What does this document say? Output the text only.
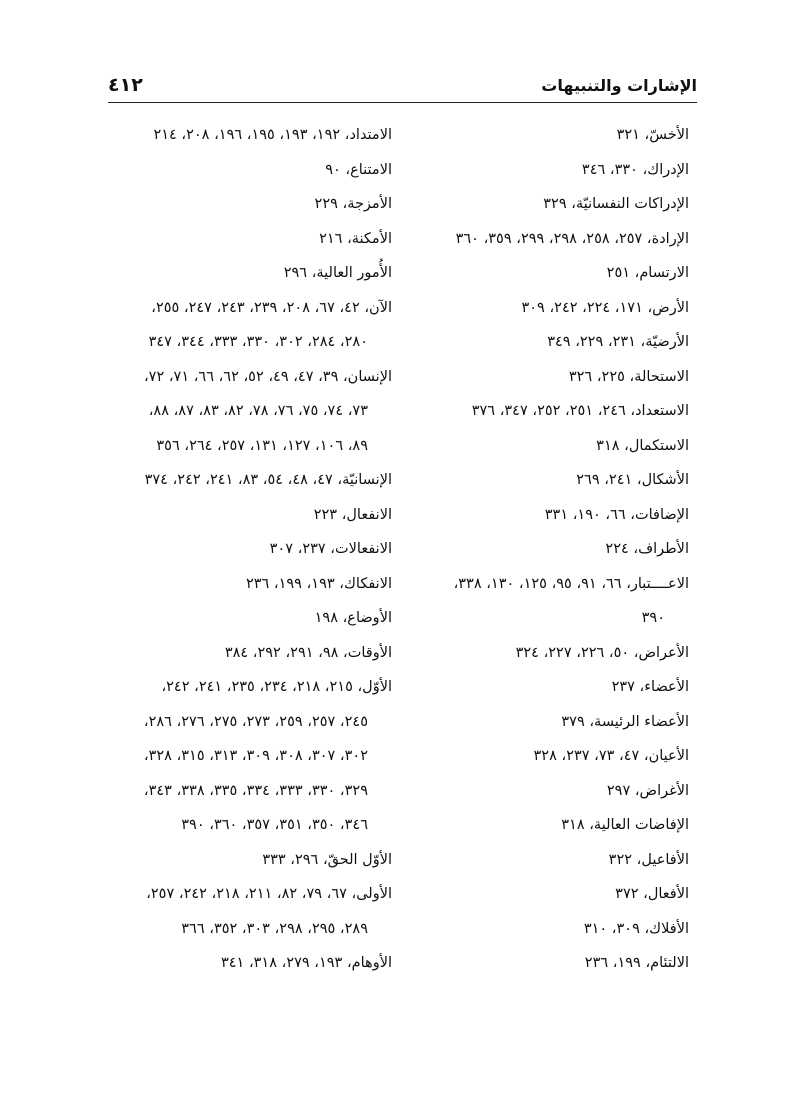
٤١٢	الإشارات والتنبيهات
الأخسّ، ٣٢١
الإدراك، ٣٣٠، ٣٤٦
الإدراكات النفسانيّة، ٣٢٩
الإرادة، ٢٥٧، ٢٥٨، ٢٩٨، ٢٩٩، ٣٥٩، ٣٦٠
الارتسام، ٢٥١
الأرض، ١٧١، ٢٢٤، ٢٤٢، ٣٠٩
الأرضيّة، ٢٣١، ٢٢٩، ٣٤٩
الاستحالة، ٢٢٥، ٣٢٦
الاستعداد، ٢٤٦، ٢٥١، ٢٥٢، ٣٤٧، ٣٧٦
الاستكمال، ٣١٨
الأشكال، ٢٤١، ٢٦٩
الإضافات، ٦٦، ١٩٠، ٣٣١
الأطراف، ٢٢٤
الاعــــتبار، ٦٦، ٩١، ٩٥، ١٢٥، ١٣٠، ٣٣٨،
٣٩٠
الأعراض، ٥٠، ٢٢٦، ٢٢٧، ٣٢٤
الأعضاء، ٢٣٧
الأعضاء الرئيسة، ٣٧٩
الأعيان، ٤٧، ٧٣، ٢٣٧، ٣٢٨
الأغراض، ٢٩٧
الإفاضات العالية، ٣١٨
الأفاعيل، ٣٢٢
الأفعال، ٣٧٢
الأفلاك، ٣٠٩، ٣١٠
الالتئام، ١٩٩، ٢٣٦
الامتداد، ١٩٢، ١٩٣، ١٩٥، ١٩٦، ٢٠٨، ٢١٤
الامتناع، ٩٠
الأمزجة، ٢٢٩
الأمكنة، ٢١٦
الأُمور العالية، ٢٩٦
الآن، ٤٢، ٦٧، ٢٠٨، ٢٣٩، ٢٤٣، ٢٤٧، ٢٥٥،
٢٨٠، ٢٨٤، ٣٠٢، ٣٣٠، ٣٣٣، ٣٤٤، ٣٤٧
الإنسان، ٣٩، ٤٧، ٤٩، ٥٢، ٦٢، ٦٦، ٧١، ٧٢،
٧٣، ٧٤، ٧٥، ٧٦، ٧٨، ٨٢، ٨٣، ٨٧، ٨٨،
٨٩، ١٠٦، ١٢٧، ١٣١، ٢٥٧، ٢٦٤، ٣٥٦
الإنسانيّة، ٤٧، ٤٨، ٥٤، ٨٣، ٢٤١، ٢٤٢، ٣٧٤
الانفعال، ٢٢٣
الانفعالات، ٢٣٧، ٣٠٧
الانفكاك، ١٩٣، ١٩٩، ٢٣٦
الأوضاع، ١٩٨
الأوقات، ٩٨، ٢٩١، ٢٩٢، ٣٨٤
الأوّل، ٢١٥، ٢١٨، ٢٣٤، ٢٣٥، ٢٤١، ٢٤٢،
٢٤٥، ٢٥٧، ٢٥٩، ٢٧٣، ٢٧٥، ٢٧٦، ٢٨٦،
٣٠٢، ٣٠٧، ٣٠٨، ٣٠٩، ٣١٣، ٣١٥، ٣٢٨،
٣٢٩، ٣٣٠، ٣٣٣، ٣٣٤، ٣٣٥، ٣٣٨، ٣٤٣،
٣٤٦، ٣٥٠، ٣٥١، ٣٥٧، ٣٦٠، ٣٩٠
الأوّل الحقّ، ٢٩٦، ٣٣٣
الأولى، ٦٧، ٧٩، ٨٢، ٢١١، ٢١٨، ٢٤٢، ٢٥٧،
٢٨٩، ٢٩٥، ٢٩٨، ٣٠٣، ٣٥٢، ٣٦٦
الأوهام، ١٩٣، ٢٧٩، ٣١٨، ٣٤١
